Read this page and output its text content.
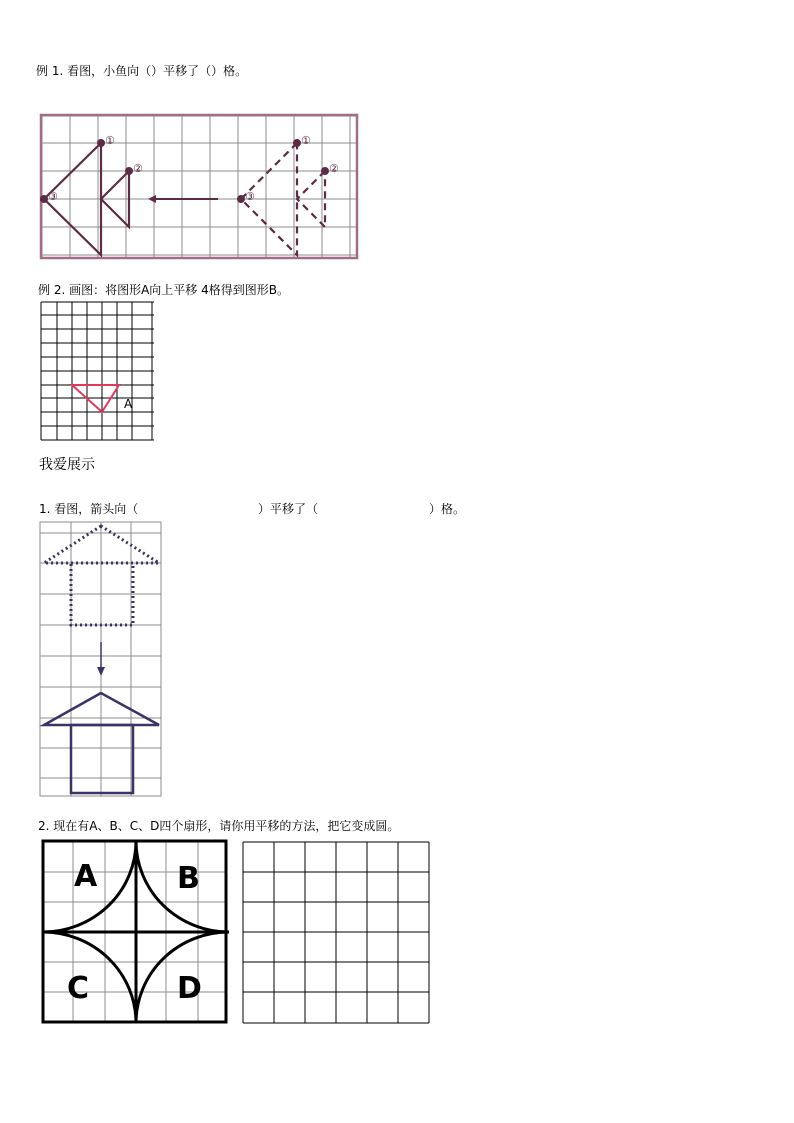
例 1. 看图，小鱼向（）平移了（）格。
①
②
③
①
②
③
例 2. 画图：将图形A向上平移 4格得到图形B。
A
我爱展示
1. 看图，箭头向（	）平移了（	）格。
2. 现在有A、B、C、D四个扇形，请你用平移的方法，把它变成圆。
A	B
C	D
